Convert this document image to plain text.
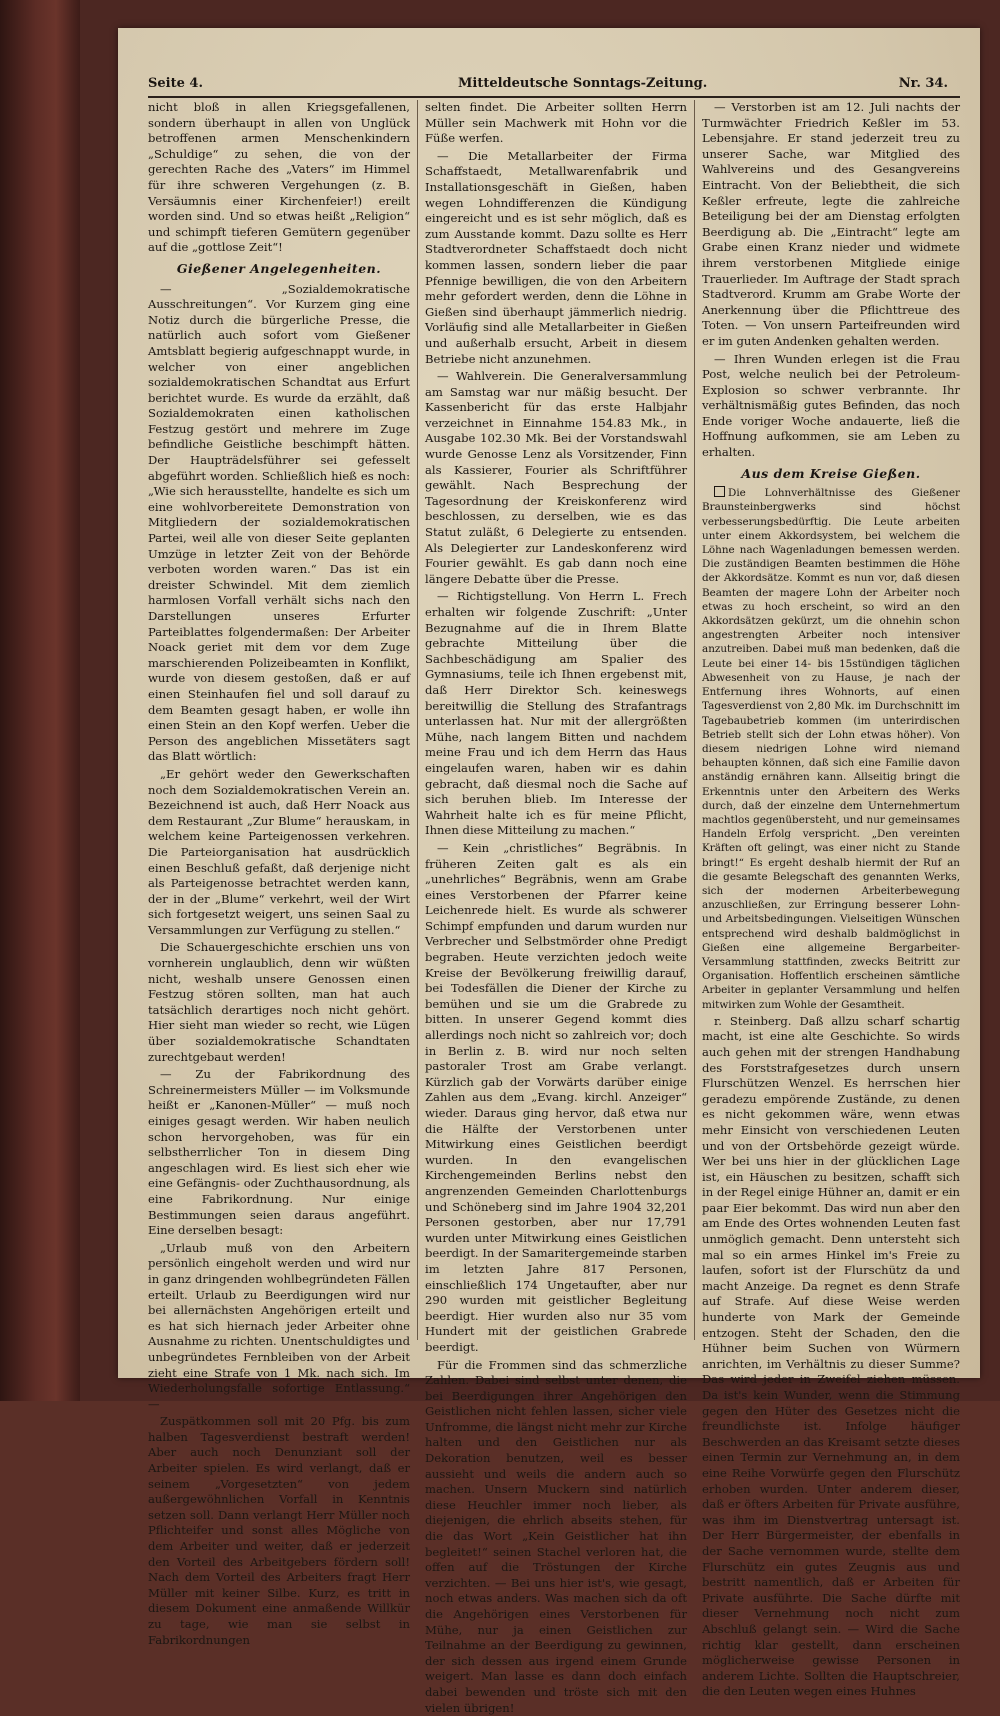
Seite 4.	Mitteldeutsche Sonntags-Zeitung.	Nr. 34.

nicht bloß in allen Kriegsgefallenen, sondern überhaupt in allen von Unglück betroffenen armen Menschenkindern „Schuldige“ zu sehen, die von der gerechten Rache des „Vaters“ im Himmel für ihre schweren Vergehungen (z. B. Versäumnis einer Kirchenfeier!) ereilt worden sind. Und so etwas heißt „Religion“ und schimpft tieferen Gemütern gegenüber auf die „gottlose Zeit“!

Gießener Angelegenheiten.

— „Sozialdemokratische Ausschreitungen“. Vor Kurzem ging eine Notiz durch die bürgerliche Presse, die natürlich auch sofort vom Gießener Amtsblatt begierig aufgeschnappt wurde, in welcher von einer angeblichen sozialdemokratischen Schandtat aus Erfurt berichtet wurde. Es wurde da erzählt, daß Sozialdemokraten einen katholischen Festzug gestört und mehrere im Zuge befindliche Geistliche beschimpft hätten. Der Haupträdelsführer sei gefesselt abgeführt worden. Schließlich hieß es noch: „Wie sich herausstellte, handelte es sich um eine wohlvorbereitete Demonstration von Mitgliedern der sozialdemokratischen Partei, weil alle von dieser Seite geplanten Umzüge in letzter Zeit von der Behörde verboten worden waren.“ Das ist ein dreister Schwindel. Mit dem ziemlich harmlosen Vorfall verhält sichs nach den Darstellungen unseres Erfurter Parteiblattes folgendermaßen: Der Arbeiter Noack geriet mit dem vor dem Zuge marschierenden Polizeibeamten in Konflikt, wurde von diesem gestoßen, daß er auf einen Steinhaufen fiel und soll darauf zu dem Beamten gesagt haben, er wolle ihn einen Stein an den Kopf werfen. Ueber die Person des angeblichen Missetäters sagt das Blatt wörtlich:

„Er gehört weder den Gewerkschaften noch dem Sozialdemokratischen Verein an. Bezeichnend ist auch, daß Herr Noack aus dem Restaurant „Zur Blume“ herauskam, in welchem keine Parteigenossen verkehren. Die Parteiorganisation hat ausdrücklich einen Beschluß gefaßt, daß derjenige nicht als Parteigenosse betrachtet werden kann, der in der „Blume“ verkehrt, weil der Wirt sich fortgesetzt weigert, uns seinen Saal zu Versammlungen zur Verfügung zu stellen.“

Die Schauergeschichte erschien uns von vornherein unglaublich, denn wir wüßten nicht, weshalb unsere Genossen einen Festzug stören sollten, man hat auch tatsächlich derartiges noch nicht gehört. Hier sieht man wieder so recht, wie Lügen über sozialdemokratische Schandtaten zurechtgebaut werden!

— Zu der Fabrikordnung des Schreinermeisters Müller — im Volksmunde heißt er „Kanonen-Müller“ — muß noch einiges gesagt werden. Wir haben neulich schon hervorgehoben, was für ein selbstherrlicher Ton in diesem Ding angeschlagen wird. Es liest sich eher wie eine Gefängnis- oder Zuchthausordnung, als eine Fabrikordnung. Nur einige Bestimmungen seien daraus angeführt. Eine derselben besagt:

„Urlaub muß von den Arbeitern persönlich eingeholt werden und wird nur in ganz dringenden wohlbegründeten Fällen erteilt. Urlaub zu Beerdigungen wird nur bei allernächsten Angehörigen erteilt und es hat sich hiernach jeder Arbeiter ohne Ausnahme zu richten. Unentschuldigtes und unbegründetes Fernbleiben von der Arbeit zieht eine Strafe von 1 Mk. nach sich. Im Wiederholungsfalle sofortige Entlassung.“ —

Zuspätkommen soll mit 20 Pfg. bis zum halben Tagesverdienst bestraft werden! Aber auch noch Denunziant soll der Arbeiter spielen. Es wird verlangt, daß er seinem „Vorgesetzten“ von jedem außergewöhnlichen Vorfall in Kenntnis setzen soll. Dann verlangt Herr Müller noch Pflichteifer und sonst alles Mögliche von dem Arbeiter und weiter, daß er jederzeit den Vorteil des Arbeitgebers fördern soll! Nach dem Vorteil des Arbeiters fragt Herr Müller mit keiner Silbe. Kurz, es tritt in diesem Dokument eine anmaßende Willkür zu tage, wie man sie selbst in Fabrikordnungen

selten findet. Die Arbeiter sollten Herrn Müller sein Machwerk mit Hohn vor die Füße werfen.

— Die Metallarbeiter der Firma Schaffstaedt, Metallwarenfabrik und Installationsgeschäft in Gießen, haben wegen Lohndifferenzen die Kündigung eingereicht und es ist sehr möglich, daß es zum Ausstande kommt. Dazu sollte es Herr Stadtverordneter Schaffstaedt doch nicht kommen lassen, sondern lieber die paar Pfennige bewilligen, die von den Arbeitern mehr gefordert werden, denn die Löhne in Gießen sind überhaupt jämmerlich niedrig. Vorläufig sind alle Metallarbeiter in Gießen und außerhalb ersucht, Arbeit in diesem Betriebe nicht anzunehmen.

— Wahlverein. Die Generalversammlung am Samstag war nur mäßig besucht. Der Kassenbericht für das erste Halbjahr verzeichnet in Einnahme 154.83 Mk., in Ausgabe 102.30 Mk. Bei der Vorstandswahl wurde Genosse Lenz als Vorsitzender, Finn als Kassierer, Fourier als Schriftführer gewählt. Nach Besprechung der Tagesordnung der Kreiskonferenz wird beschlossen, zu derselben, wie es das Statut zuläßt, 6 Delegierte zu entsenden. Als Delegierter zur Landeskonferenz wird Fourier gewählt. Es gab dann noch eine längere Debatte über die Presse.

— Richtigstellung. Von Herrn L. Frech erhalten wir folgende Zuschrift: „Unter Bezugnahme auf die in Ihrem Blatte gebrachte Mitteilung über die Sachbeschädigung am Spalier des Gymnasiums, teile ich Ihnen ergebenst mit, daß Herr Direktor Sch. keineswegs bereitwillig die Stellung des Strafantrags unterlassen hat. Nur mit der allergrößten Mühe, nach langem Bitten und nachdem meine Frau und ich dem Herrn das Haus eingelaufen waren, haben wir es dahin gebracht, daß diesmal noch die Sache auf sich beruhen blieb. Im Interesse der Wahrheit halte ich es für meine Pflicht, Ihnen diese Mitteilung zu machen.“

— Kein „christliches“ Begräbnis. In früheren Zeiten galt es als ein „unehrliches“ Begräbnis, wenn am Grabe eines Verstorbenen der Pfarrer keine Leichenrede hielt. Es wurde als schwerer Schimpf empfunden und darum wurden nur Verbrecher und Selbstmörder ohne Predigt begraben. Heute verzichten jedoch weite Kreise der Bevölkerung freiwillig darauf, bei Todesfällen die Diener der Kirche zu bemühen und sie um die Grabrede zu bitten. In unserer Gegend kommt dies allerdings noch nicht so zahlreich vor; doch in Berlin z. B. wird nur noch selten pastoraler Trost am Grabe verlangt. Kürzlich gab der Vorwärts darüber einige Zahlen aus dem „Evang. kirchl. Anzeiger“ wieder. Daraus ging hervor, daß etwa nur die Hälfte der Verstorbenen unter Mitwirkung eines Geistlichen beerdigt wurden. In den evangelischen Kirchengemeinden Berlins nebst den angrenzenden Gemeinden Charlottenburgs und Schöneberg sind im Jahre 1904 32,201 Personen gestorben, aber nur 17,791 wurden unter Mitwirkung eines Geistlichen beerdigt. In der Samaritergemeinde starben im letzten Jahre 817 Personen, einschließlich 174 Ungetaufter, aber nur 290 wurden mit geistlicher Begleitung beerdigt. Hier wurden also nur 35 vom Hundert mit der geistlichen Grabrede beerdigt.

Für die Frommen sind das schmerzliche Zahlen. Dabei sind selbst unter denen, die bei Beerdigungen ihrer Angehörigen den Geistlichen nicht fehlen lassen, sicher viele Unfromme, die längst nicht mehr zur Kirche halten und den Geistlichen nur als Dekoration benutzen, weil es besser aussieht und weils die andern auch so machen. Unsern Muckern sind natürlich diese Heuchler immer noch lieber, als diejenigen, die ehrlich abseits stehen, für die das Wort „Kein Geistlicher hat ihn begleitet!“ seinen Stachel verloren hat, die offen auf die Tröstungen der Kirche verzichten. — Bei uns hier ist's, wie gesagt, noch etwas anders. Was machen sich da oft die Angehörigen eines Verstorbenen für Mühe, nur ja einen Geistlichen zur Teilnahme an der Beerdigung zu gewinnen, der sich dessen aus irgend einem Grunde weigert. Man lasse es dann doch einfach dabei bewenden und tröste sich mit den vielen übrigen!

— Verstorben ist am 12. Juli nachts der Turmwächter Friedrich Keßler im 53. Lebensjahre. Er stand jederzeit treu zu unserer Sache, war Mitglied des Wahlvereins und des Gesangvereins Eintracht. Von der Beliebtheit, die sich Keßler erfreute, legte die zahlreiche Beteiligung bei der am Dienstag erfolgten Beerdigung ab. Die „Eintracht“ legte am Grabe einen Kranz nieder und widmete ihrem verstorbenen Mitgliede einige Trauerlieder. Im Auftrage der Stadt sprach Stadtverord. Krumm am Grabe Worte der Anerkennung über die Pflichttreue des Toten. — Von unsern Parteifreunden wird er im guten Andenken gehalten werden.

— Ihren Wunden erlegen ist die Frau Post, welche neulich bei der Petroleum-Explosion so schwer verbrannte. Ihr verhältnismäßig gutes Befinden, das noch Ende voriger Woche andauerte, ließ die Hoffnung aufkommen, sie am Leben zu erhalten.

Aus dem Kreise Gießen.

Die Lohnverhältnisse des Gießener Braunsteinbergwerks sind höchst verbesserungsbedürftig. Die Leute arbeiten unter einem Akkordsystem, bei welchem die Löhne nach Wagenladungen bemessen werden. Die zuständigen Beamten bestimmen die Höhe der Akkordsätze. Kommt es nun vor, daß diesen Beamten der magere Lohn der Arbeiter noch etwas zu hoch erscheint, so wird an den Akkordsätzen gekürzt, um die ohnehin schon angestrengten Arbeiter noch intensiver anzutreiben. Dabei muß man bedenken, daß die Leute bei einer 14- bis 15stündigen täglichen Abwesenheit von zu Hause, je nach der Entfernung ihres Wohnorts, auf einen Tagesverdienst von 2,80 Mk. im Durchschnitt im Tagebaubetrieb kommen (im unterirdischen Betrieb stellt sich der Lohn etwas höher). Von diesem niedrigen Lohne wird niemand behaupten können, daß sich eine Familie davon anständig ernähren kann. Allseitig bringt die Erkenntnis unter den Arbeitern des Werks durch, daß der einzelne dem Unternehmertum machtlos gegenübersteht, und nur gemeinsames Handeln Erfolg verspricht. „Den vereinten Kräften oft gelingt, was einer nicht zu Stande bringt!“ Es ergeht deshalb hiermit der Ruf an die gesamte Belegschaft des genannten Werks, sich der modernen Arbeiterbewegung anzuschließen, zur Erringung besserer Lohn- und Arbeitsbedingungen. Vielseitigen Wünschen entsprechend wird deshalb baldmöglichst in Gießen eine allgemeine Bergarbeiter-Versammlung stattfinden, zwecks Beitritt zur Organisation. Hoffentlich erscheinen sämtliche Arbeiter in geplanter Versammlung und helfen mitwirken zum Wohle der Gesamtheit.

r. Steinberg. Daß allzu scharf schartig macht, ist eine alte Geschichte. So wirds auch gehen mit der strengen Handhabung des Forststrafgesetzes durch unsern Flurschützen Wenzel. Es herrschen hier geradezu empörende Zustände, zu denen es nicht gekommen wäre, wenn etwas mehr Einsicht von verschiedenen Leuten und von der Ortsbehörde gezeigt würde. Wer bei uns hier in der glücklichen Lage ist, ein Häuschen zu besitzen, schafft sich in der Regel einige Hühner an, damit er ein paar Eier bekommt. Das wird nun aber den am Ende des Ortes wohnenden Leuten fast unmöglich gemacht. Denn untersteht sich mal so ein armes Hinkel im's Freie zu laufen, sofort ist der Flurschütz da und macht Anzeige. Da regnet es denn Strafe auf Strafe. Auf diese Weise werden hunderte von Mark der Gemeinde entzogen. Steht der Schaden, den die Hühner beim Suchen von Würmern anrichten, im Verhältnis zu dieser Summe? Das wird jeder in Zweifel ziehen müssen. Da ist's kein Wunder, wenn die Stimmung gegen den Hüter des Gesetzes nicht die freundlichste ist. Infolge häufiger Beschwerden an das Kreisamt setzte dieses einen Termin zur Vernehmung an, in dem eine Reihe Vorwürfe gegen den Flurschütz erhoben wurden. Unter anderem dieser, daß er öfters Arbeiten für Private ausführe, was ihm im Dienstvertrag untersagt ist. Der Herr Bürgermeister, der ebenfalls in der Sache vernommen wurde, stellte dem Flurschütz ein gutes Zeugnis aus und bestritt namentlich, daß er Arbeiten für Private ausführte. Die Sache dürfte mit dieser Vernehmung noch nicht zum Abschluß gelangt sein. — Wird die Sache richtig klar gestellt, dann erscheinen möglicherweise gewisse Personen in anderem Lichte. Sollten die Hauptschreier, die den Leuten wegen eines Huhnes
